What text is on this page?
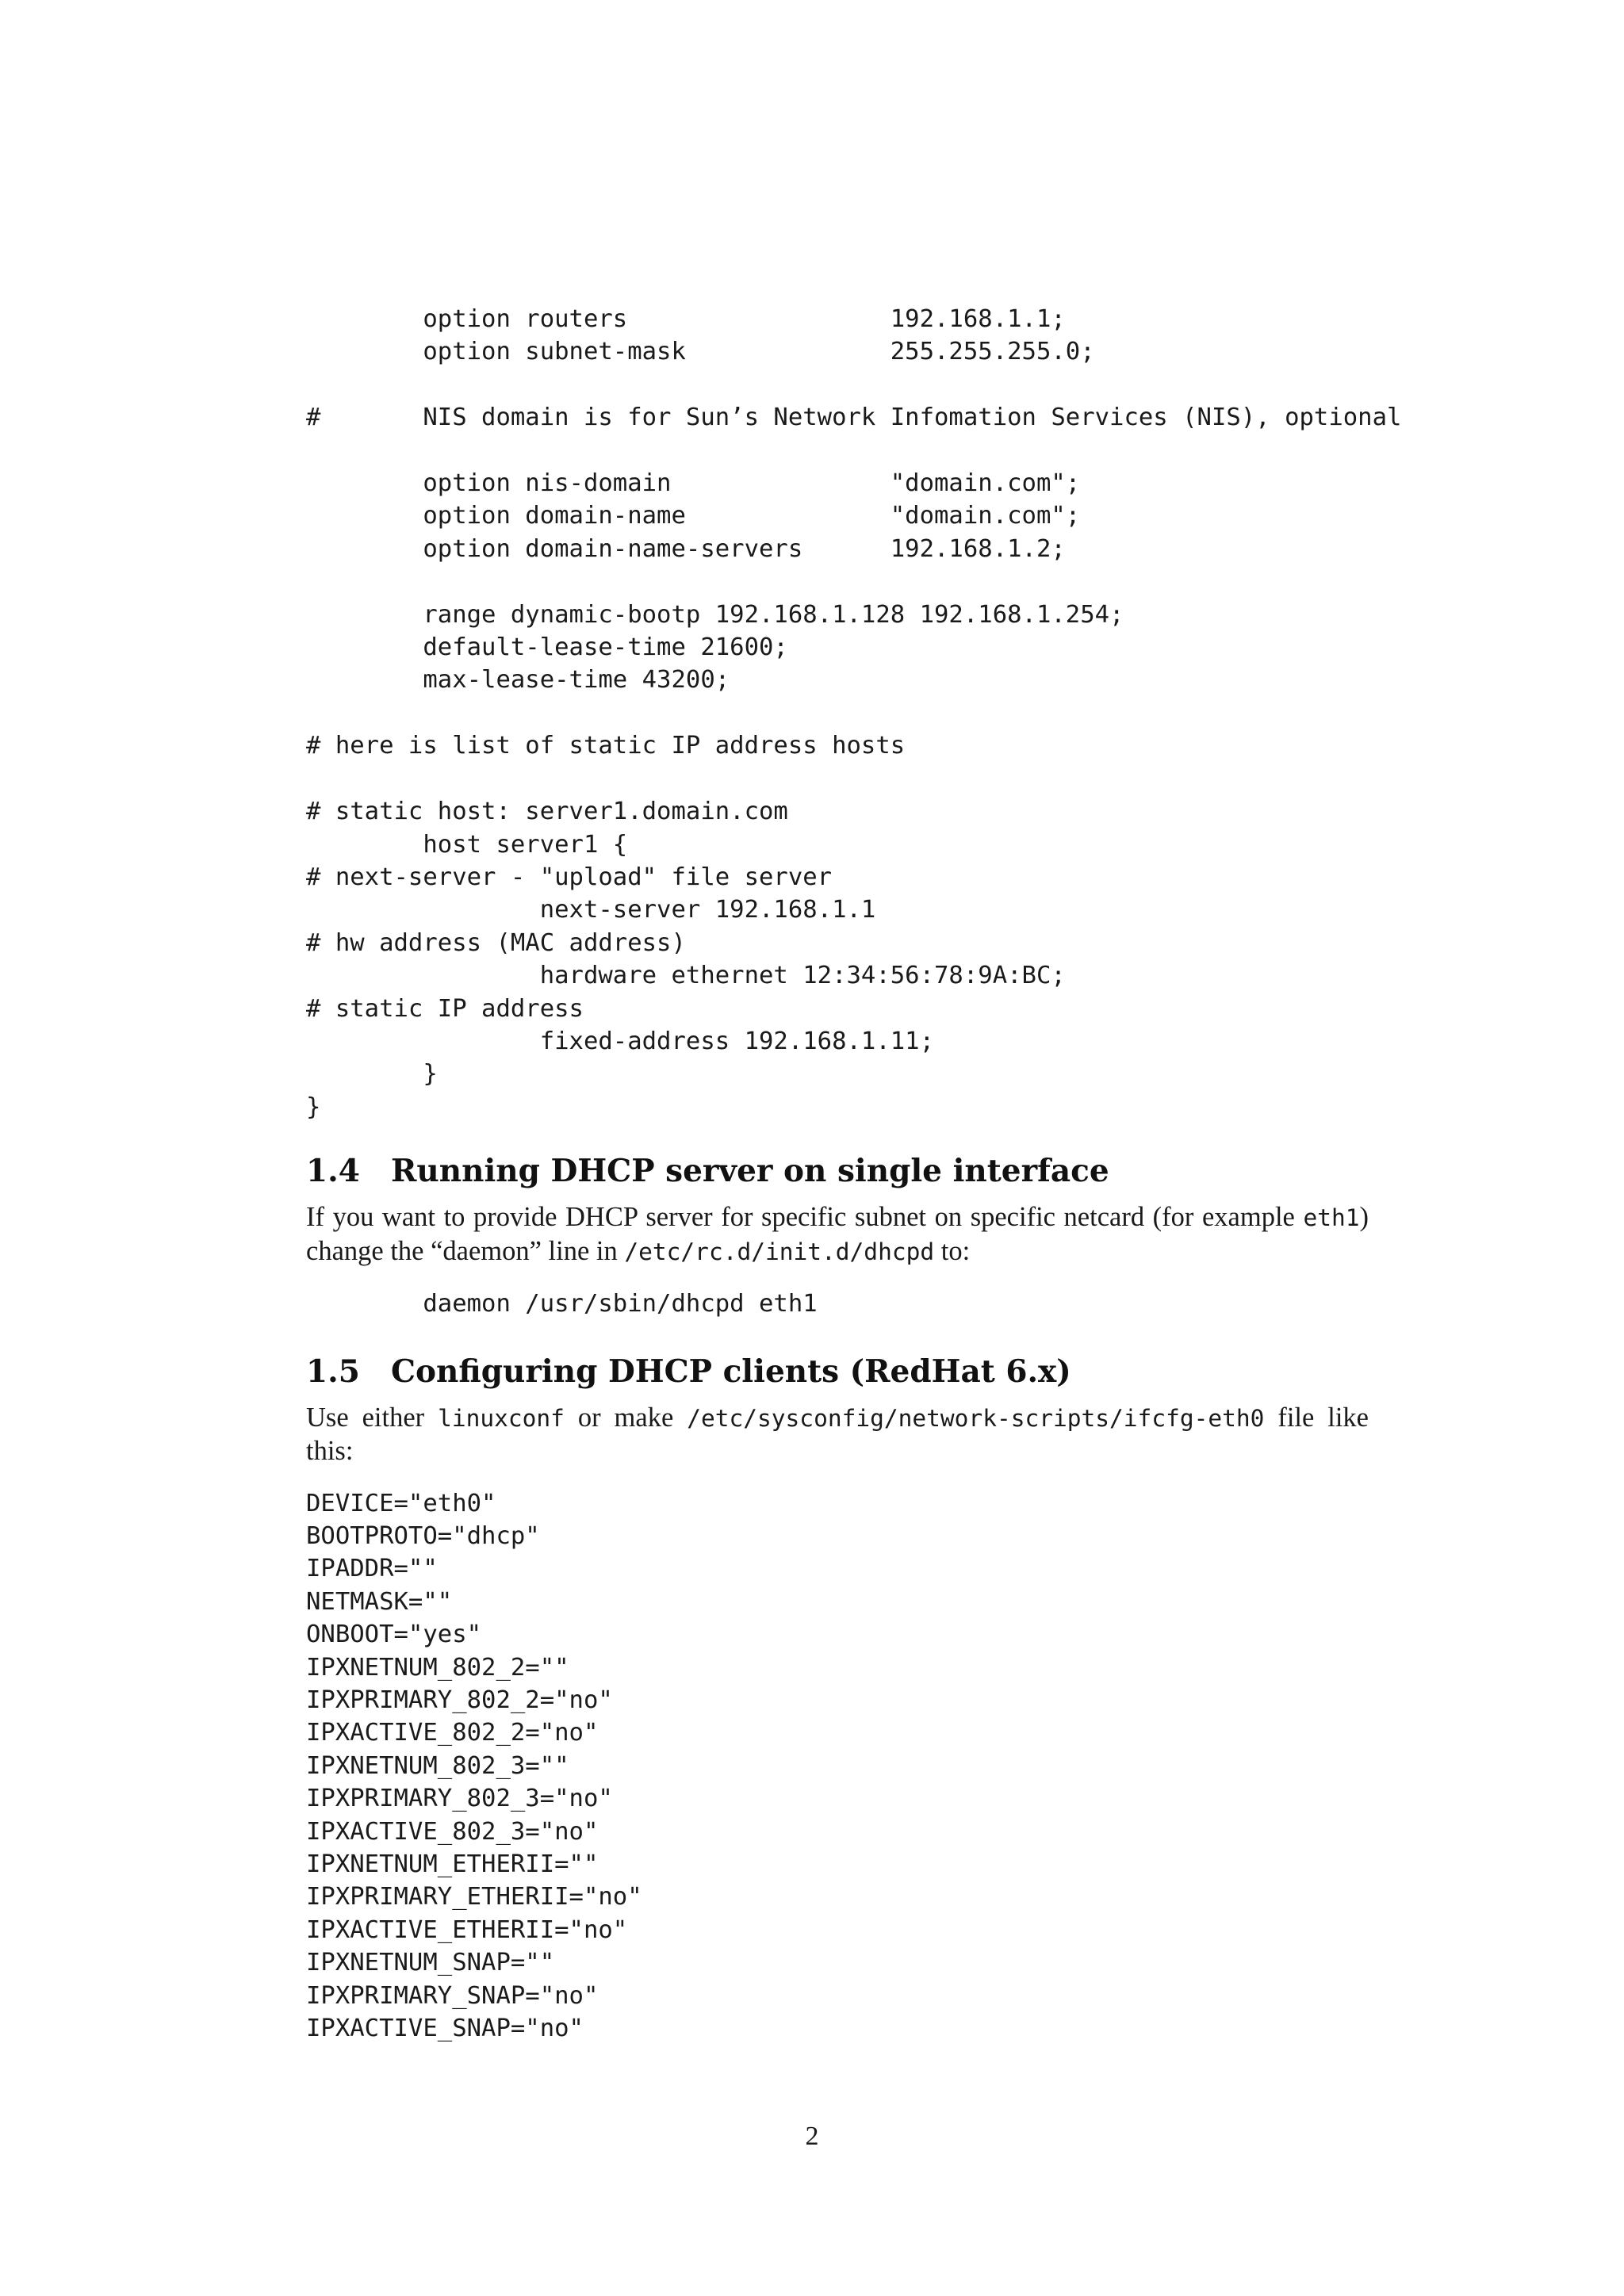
option routers                  192.168.1.1;
option subnet-mask              255.255.255.0;

#       NIS domain is for Sun’s Network Infomation Services (NIS), optional

option nis-domain               "domain.com";
option domain-name              "domain.com";
option domain-name-servers      192.168.1.2;

range dynamic-bootp 192.168.1.128 192.168.1.254;
default-lease-time 21600;
max-lease-time 43200;

# here is list of static IP address hosts

# static host: server1.domain.com
host server1 {
# next-server - "upload" file server
next-server 192.168.1.1
# hw address (MAC address)
hardware ethernet 12:34:56:78:9A:BC;
# static IP address
fixed-address 192.168.1.11;
}
}
1.4	Running DHCP server on single interface

If you want to provide DHCP server for specific subnet on specific netcard (for example eth1) change the “daemon” line in /etc/rc.d/init.d/dhcpd to:

daemon /usr/sbin/dhcpd eth1
1.5	Configuring DHCP clients (RedHat 6.x)

Use either linuxconf or make /etc/sysconfig/network-scripts/ifcfg-eth0 file like this:

DEVICE="eth0"
BOOTPROTO="dhcp"
IPADDR=""
NETMASK=""
ONBOOT="yes"
IPXNETNUM_802_2=""
IPXPRIMARY_802_2="no"
IPXACTIVE_802_2="no"
IPXNETNUM_802_3=""
IPXPRIMARY_802_3="no"
IPXACTIVE_802_3="no"
IPXNETNUM_ETHERII=""
IPXPRIMARY_ETHERII="no"
IPXACTIVE_ETHERII="no"
IPXNETNUM_SNAP=""
IPXPRIMARY_SNAP="no"
IPXACTIVE_SNAP="no"
2
